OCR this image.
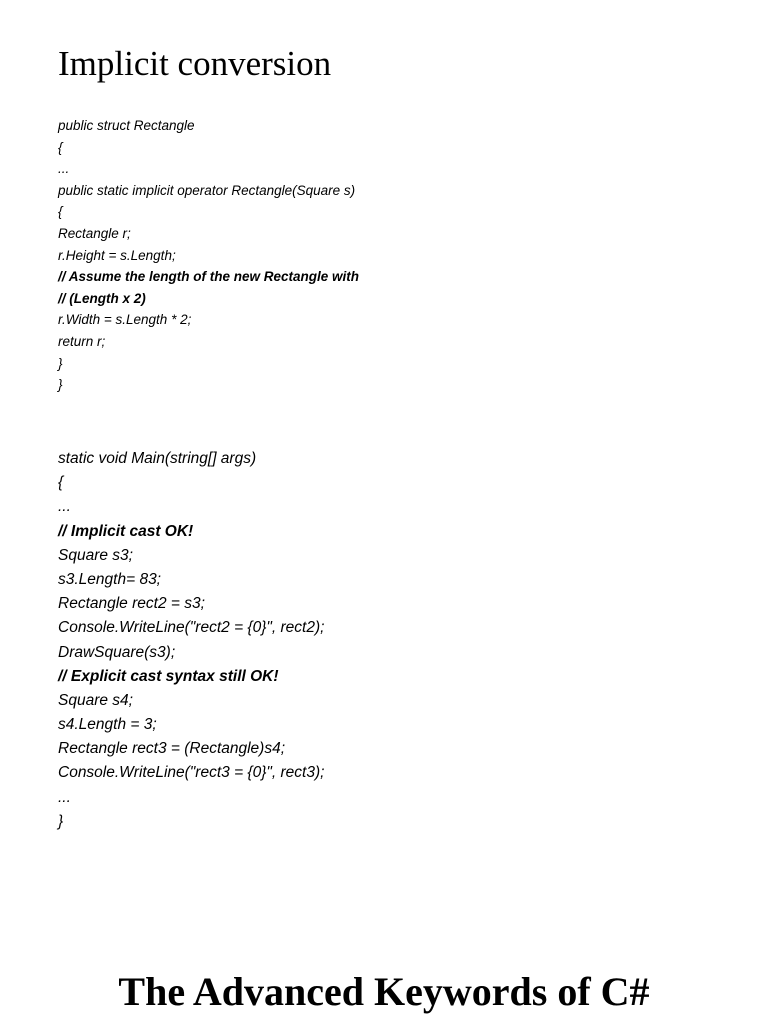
Implicit conversion
public struct Rectangle
{
...
public static implicit operator Rectangle(Square s)
{
Rectangle r;
r.Height = s.Length;
// Assume the length of the new Rectangle with
// (Length x 2)
r.Width = s.Length * 2;
return r;
}
}
static void Main(string[] args)
{
...
// Implicit cast OK!
Square s3;
s3.Length= 83;
Rectangle rect2 = s3;
Console.WriteLine("rect2 = {0}", rect2);
DrawSquare(s3);
// Explicit cast syntax still OK!
Square s4;
s4.Length = 3;
Rectangle rect3 = (Rectangle)s4;
Console.WriteLine("rect3 = {0}", rect3);
...
}
The Advanced Keywords of C#
